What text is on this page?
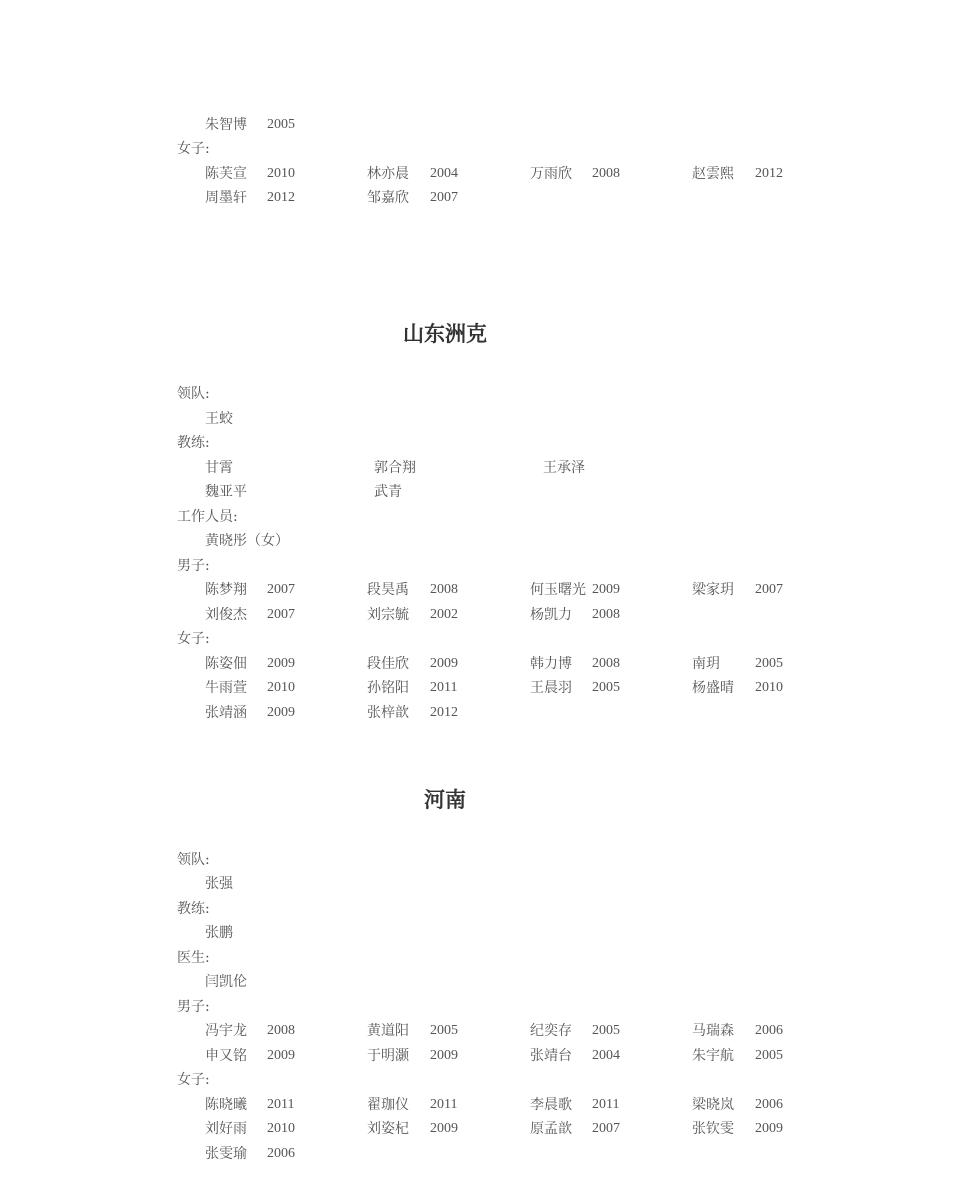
朱智博 2005
女子:
陈芙宣 2010	林亦晨 2004	万雨欣 2008	赵雲熙 2012
周墨轩 2012	邹嘉欣 2007
山东洲克
领队:
王蛟
教练:
甘霄	郭合翔	王承泽
魏亚平	武青
工作人员:
黄晓彤（女）
男子:
陈梦翔 2007	段昊禹 2008	何玉曙光 2009	梁家玥 2007
刘俊杰 2007	刘宗毓 2002	杨凯力 2008
女子:
陈姿佃 2009	段佳欣 2009	韩力博 2008	南玥	2005
牛雨萱 2010	孙铭阳 2011	王晨羽 2005	杨盛晴 2010
张靖涵 2009	张梓歆 2012
河南
领队:
张强
教练:
张鹏
医生:
闫凯伦
男子:
冯宇龙 2008	黄道阳 2005	纪奕存 2005	马瑞森 2006
申又铭 2009	于明灏 2009	张靖台 2004	朱宇航 2005
女子:
陈晓曦 2011	翟珈仪 2011	李晨歌 2011	梁晓岚 2006
刘好雨 2010	刘姿杞 2009	原孟歆 2007	张钦雯 2009
张雯瑜 2006
